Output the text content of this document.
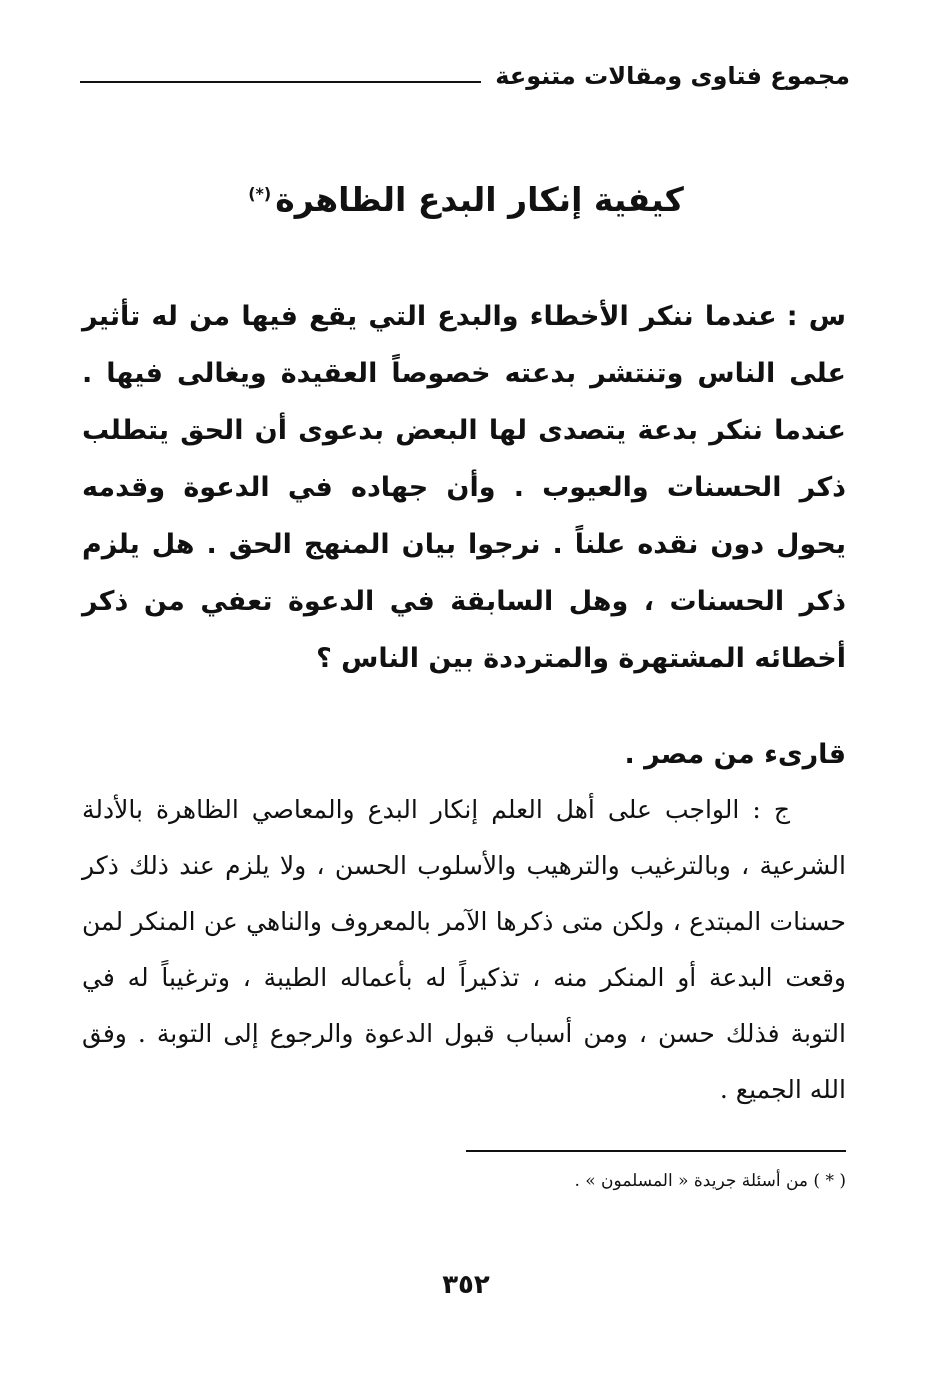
مجموع فتاوى ومقالات متنوعة
كيفية إنكار البدع الظاهرة(*)
س :عندما ننكر الأخطاء والبدع التي يقع فيها من له تأثير على الناس وتنتشر بدعته خصوصاً العقيدة ويغالى فيها . عندما ننكر بدعة يتصدى لها البعض بدعوى أن الحق يتطلب ذكر الحسنات والعيوب . وأن جهاده في الدعوة وقدمه يحول دون نقده علناً . نرجوا بيان المنهج الحق . هل يلزم ذكر الحسنات ، وهل السابقة في الدعوة تعفي من ذكر أخطائه المشتهرة والمترددة بين الناس ؟
قارىء من مصر .
ج : الواجب على أهل العلم إنكار البدع والمعاصي الظاهرة بالأدلة الشرعية ، وبالترغيب والترهيب والأسلوب الحسن ، ولا يلزم عند ذلك ذكر حسنات المبتدع ، ولكن متى ذكرها الآمر بالمعروف والناهي عن المنكر لمن وقعت البدعة أو المنكر منه ، تذكيراً له بأعماله الطيبة ، وترغيباً له في التوبة فذلك حسن ، ومن أسباب قبول الدعوة والرجوع إلى التوبة . وفق الله الجميع .
( * ) من أسئلة جريدة « المسلمون » .
٣٥٢
